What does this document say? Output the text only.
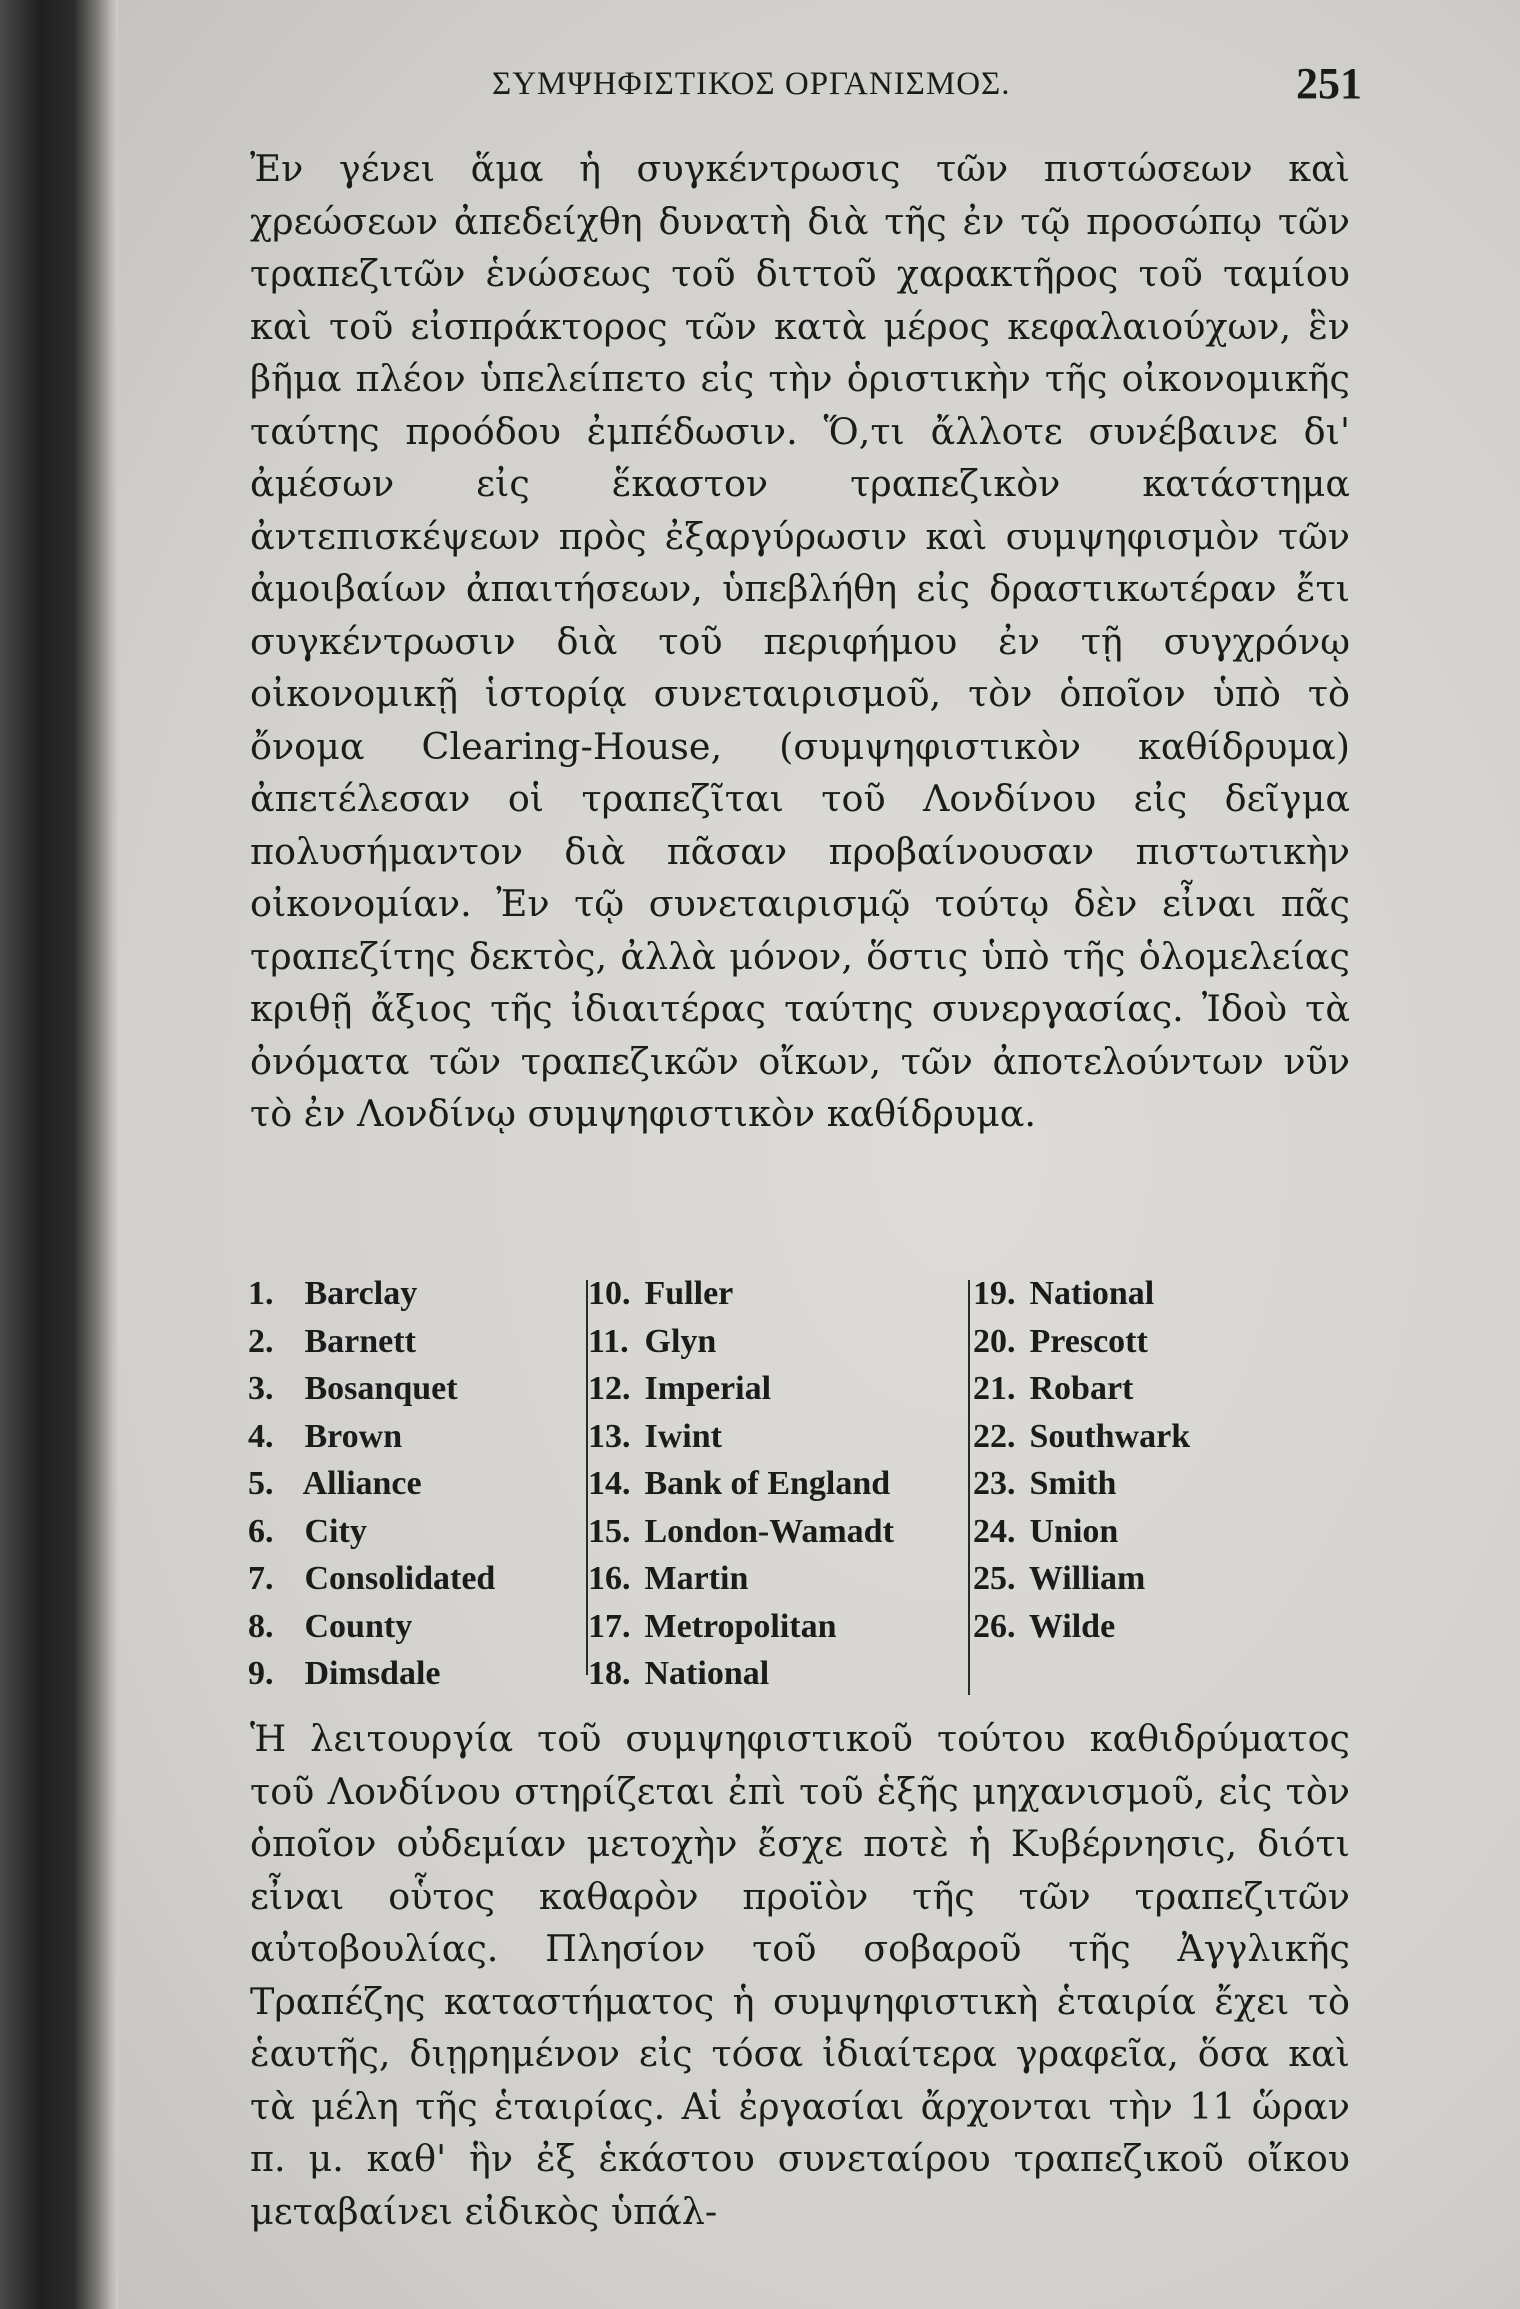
ΣΥΜΨΗΦΙΣΤΙΚΟΣ ΟΡΓΑΝΙΣΜΟΣ.	251
Ἐν γένει ἅμα ἡ συγκέντρωσις τῶν πιστώσεων καὶ χρεώσεων ἀπεδείχθη δυνατὴ διὰ τῆς ἐν τῷ προσώπῳ τῶν τραπεζιτῶν ἑνώσεως τοῦ διττοῦ χαρακτῆρος τοῦ ταμίου καὶ τοῦ εἰσπράκτορος τῶν κατὰ μέρος κεφαλαιούχων, ἓν βῆμα πλέον ὑπελείπετο εἰς τὴν ὁριστικὴν τῆς οἰκονομικῆς ταύτης προόδου ἐμπέδωσιν. Ὅ,τι ἄλλοτε συνέβαινε δι' ἀμέσων εἰς ἕκαστον τραπεζικὸν κατάστημα ἀντεπισκέψεων πρὸς ἐξαργύρωσιν καὶ συμψηφισμὸν τῶν ἀμοιβαίων ἀπαιτήσεων, ὑπεβλήθη εἰς δραστικωτέραν ἔτι συγκέντρωσιν διὰ τοῦ περιφήμου ἐν τῇ συγχρόνῳ οἰκονομικῇ ἱστορίᾳ συνεταιρισμοῦ, τὸν ὁποῖον ὑπὸ τὸ ὄνομα Clearing-House, (συμψηφιστικὸν καθίδρυμα) ἀπετέλεσαν οἱ τραπεζῖται τοῦ Λονδίνου εἰς δεῖγμα πολυσήμαντον διὰ πᾶσαν προβαίνουσαν πιστωτικὴν οἰκονομίαν. Ἐν τῷ συνεταιρισμῷ τούτῳ δὲν εἶναι πᾶς τραπεζίτης δεκτὸς, ἀλλὰ μόνον, ὅστις ὑπὸ τῆς ὁλομελείας κριθῇ ἄξιος τῆς ἰδιαιτέρας ταύτης συνεργασίας. Ἰδοὺ τὰ ὀνόματα τῶν τραπεζικῶν οἴκων, τῶν ἀποτελούντων νῦν τὸ ἐν Λονδίνῳ συμψηφιστικὸν καθίδρυμα.
1. Barclay
2. Barnett
3. Bosanquet
4. Brown
5. Alliance
6. City
7. Consolidated
8. County
9. Dimsdale
10. Fuller
11. Glyn
12. Imperial
13. Iwint
14. Bank of England
15. London-Wamadt
16. Martin
17. Metropolitan
18. National
19. National
20. Prescott
21. Robart
22. Southwark
23. Smith
24. Union
25. William
26. Wilde
Ἡ λειτουργία τοῦ συμψηφιστικοῦ τούτου καθιδρύματος τοῦ Λονδίνου στηρίζεται ἐπὶ τοῦ ἑξῆς μηχανισμοῦ, εἰς τὸν ὁποῖον οὐδεμίαν μετοχὴν ἔσχε ποτὲ ἡ Κυβέρνησις, διότι εἶναι οὗτος καθαρὸν προϊὸν τῆς τῶν τραπεζιτῶν αὐτοβουλίας. Πλησίον τοῦ σοβαροῦ τῆς Ἀγγλικῆς Τραπέζης καταστήματος ἡ συμψηφιστικὴ ἑταιρία ἔχει τὸ ἑαυτῆς, διῃρημένον εἰς τόσα ἰδιαίτερα γραφεῖα, ὅσα καὶ τὰ μέλη τῆς ἑταιρίας. Αἱ ἐργασίαι ἄρχονται τὴν 11 ὥραν π. μ. καθ' ἣν ἐξ ἑκάστου συνεταίρου τραπεζικοῦ οἴκου μεταβαίνει εἰδικὸς ὑπάλ-
